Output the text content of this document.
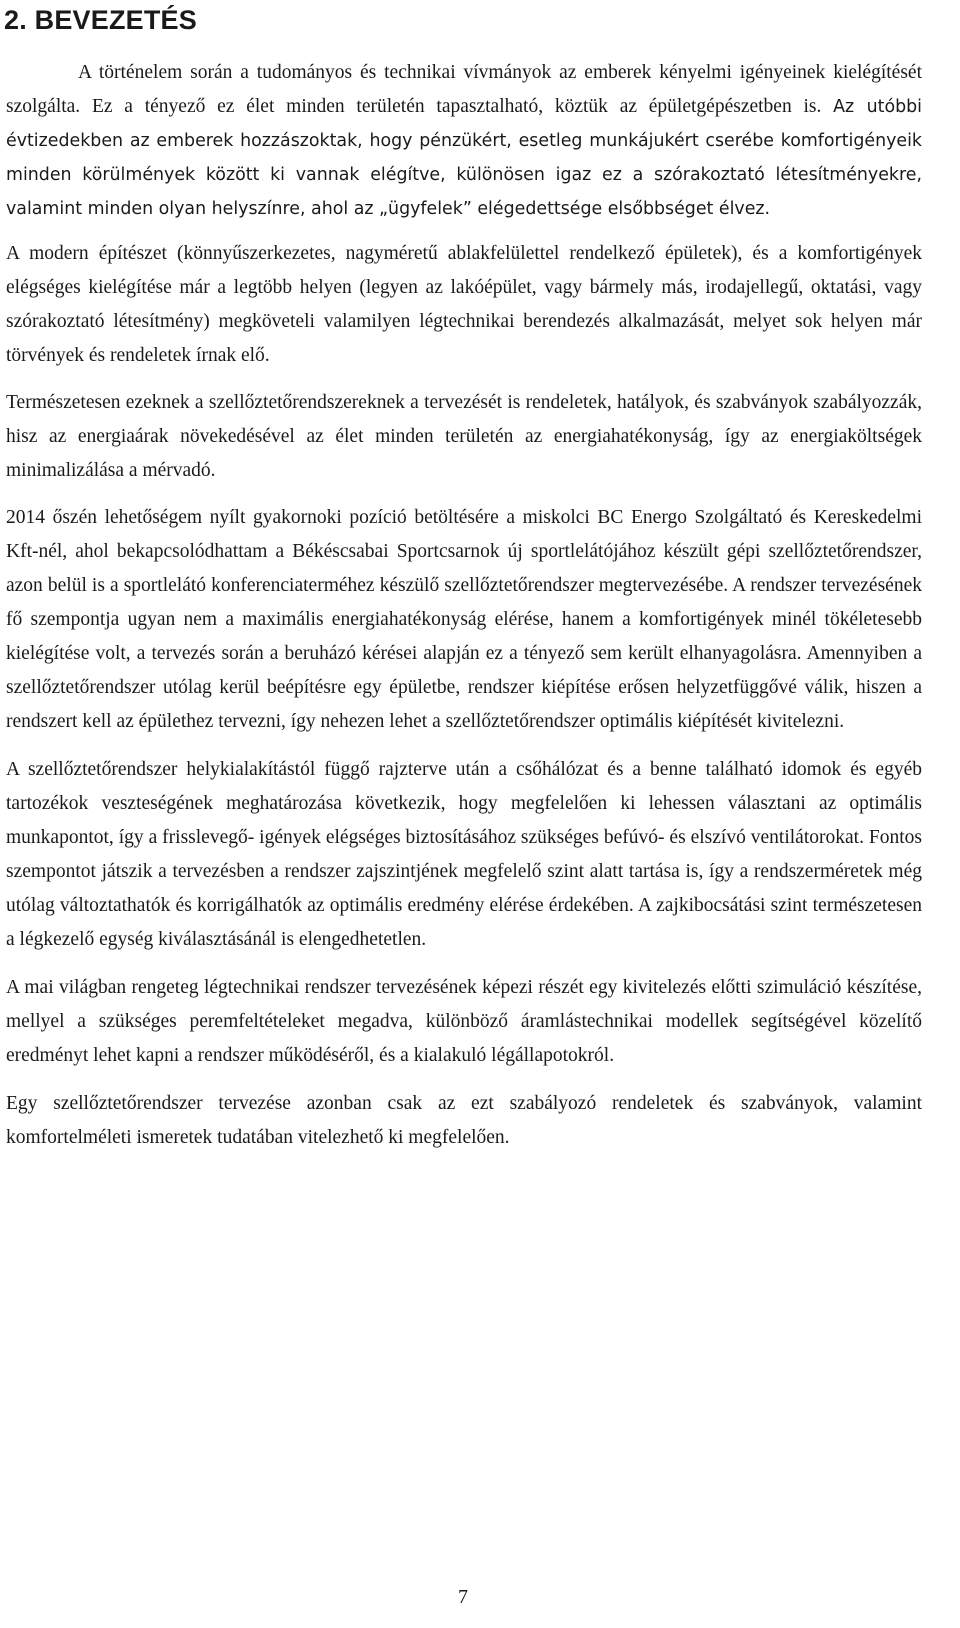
2. BEVEZETÉS

A történelem során a tudományos és technikai vívmányok az emberek kényelmi igényeinek kielégítését szolgálta. Ez a tényező ez élet minden területén tapasztalható, köztük az épületgépészetben is. Az utóbbi évtizedekben az emberek hozzászoktak, hogy pénzükért, esetleg munkájukért cserébe komfortigényeik minden körülmények között ki vannak elégítve, különösen igaz ez a szórakoztató létesítményekre, valamint minden olyan helyszínre, ahol az „ügyfelek” elégedettsége elsőbbséget élvez.

A modern építészet (könnyűszerkezetes, nagyméretű ablakfelülettel rendelkező épületek), és a komfortigények elégséges kielégítése már a legtöbb helyen (legyen az lakóépület, vagy bármely más, irodajellegű, oktatási, vagy szórakoztató létesítmény) megköveteli valamilyen légtechnikai berendezés alkalmazását, melyet sok helyen már törvények és rendeletek írnak elő.

Természetesen ezeknek a szellőztetőrendszereknek a tervezését is rendeletek, hatályok, és szabványok szabályozzák, hisz az energiaárak növekedésével az élet minden területén az energiahatékonyság, így az energiaköltségek minimalizálása a mérvadó.

2014 őszén lehetőségem nyílt gyakornoki pozíció betöltésére a miskolci BC Energo Szolgáltató és Kereskedelmi Kft-nél, ahol bekapcsolódhattam a Békéscsabai Sportcsarnok új sportlelátójához készült gépi szellőztetőrendszer, azon belül is a sportlelátó konferenciaterméhez készülő szellőztetőrendszer megtervezésébe. A rendszer tervezésének fő szempontja ugyan nem a maximális energiahatékonyság elérése, hanem a komfortigények minél tökéletesebb kielégítése volt, a tervezés során a beruházó kérései alapján ez a tényező sem került elhanyagolásra. Amennyiben a szellőztetőrendszer utólag kerül beépítésre egy épületbe, rendszer kiépítése erősen helyzetfüggővé válik, hiszen a rendszert kell az épülethez tervezni, így nehezen lehet a szellőztetőrendszer optimális kiépítését kivitelezni.

A szellőztetőrendszer helykialakítástól függő rajzterve után a csőhálózat és a benne található idomok és egyéb tartozékok veszteségének meghatározása következik, hogy megfelelően ki lehessen választani az optimális munkapontot, így a frisslevegő- igények elégséges biztosításához szükséges befúvó- és elszívó ventilátorokat. Fontos szempontot játszik a tervezésben a rendszer zajszintjének megfelelő szint alatt tartása is, így a rendszerméretek még utólag változtathatók és korrigálhatók az optimális eredmény elérése érdekében. A zajkibocsátási szint természetesen a légkezelő egység kiválasztásánál is elengedhetetlen.

A mai világban rengeteg légtechnikai rendszer tervezésének képezi részét egy kivitelezés előtti szimuláció készítése, mellyel a szükséges peremfeltételeket megadva, különböző áramlástechnikai modellek segítségével közelítő eredményt lehet kapni a rendszer működéséről, és a kialakuló légállapotokról.

Egy szellőztetőrendszer tervezése azonban csak az ezt szabályozó rendeletek és szabványok, valamint komfortelméleti ismeretek tudatában vitelezhető ki megfelelően.

7
